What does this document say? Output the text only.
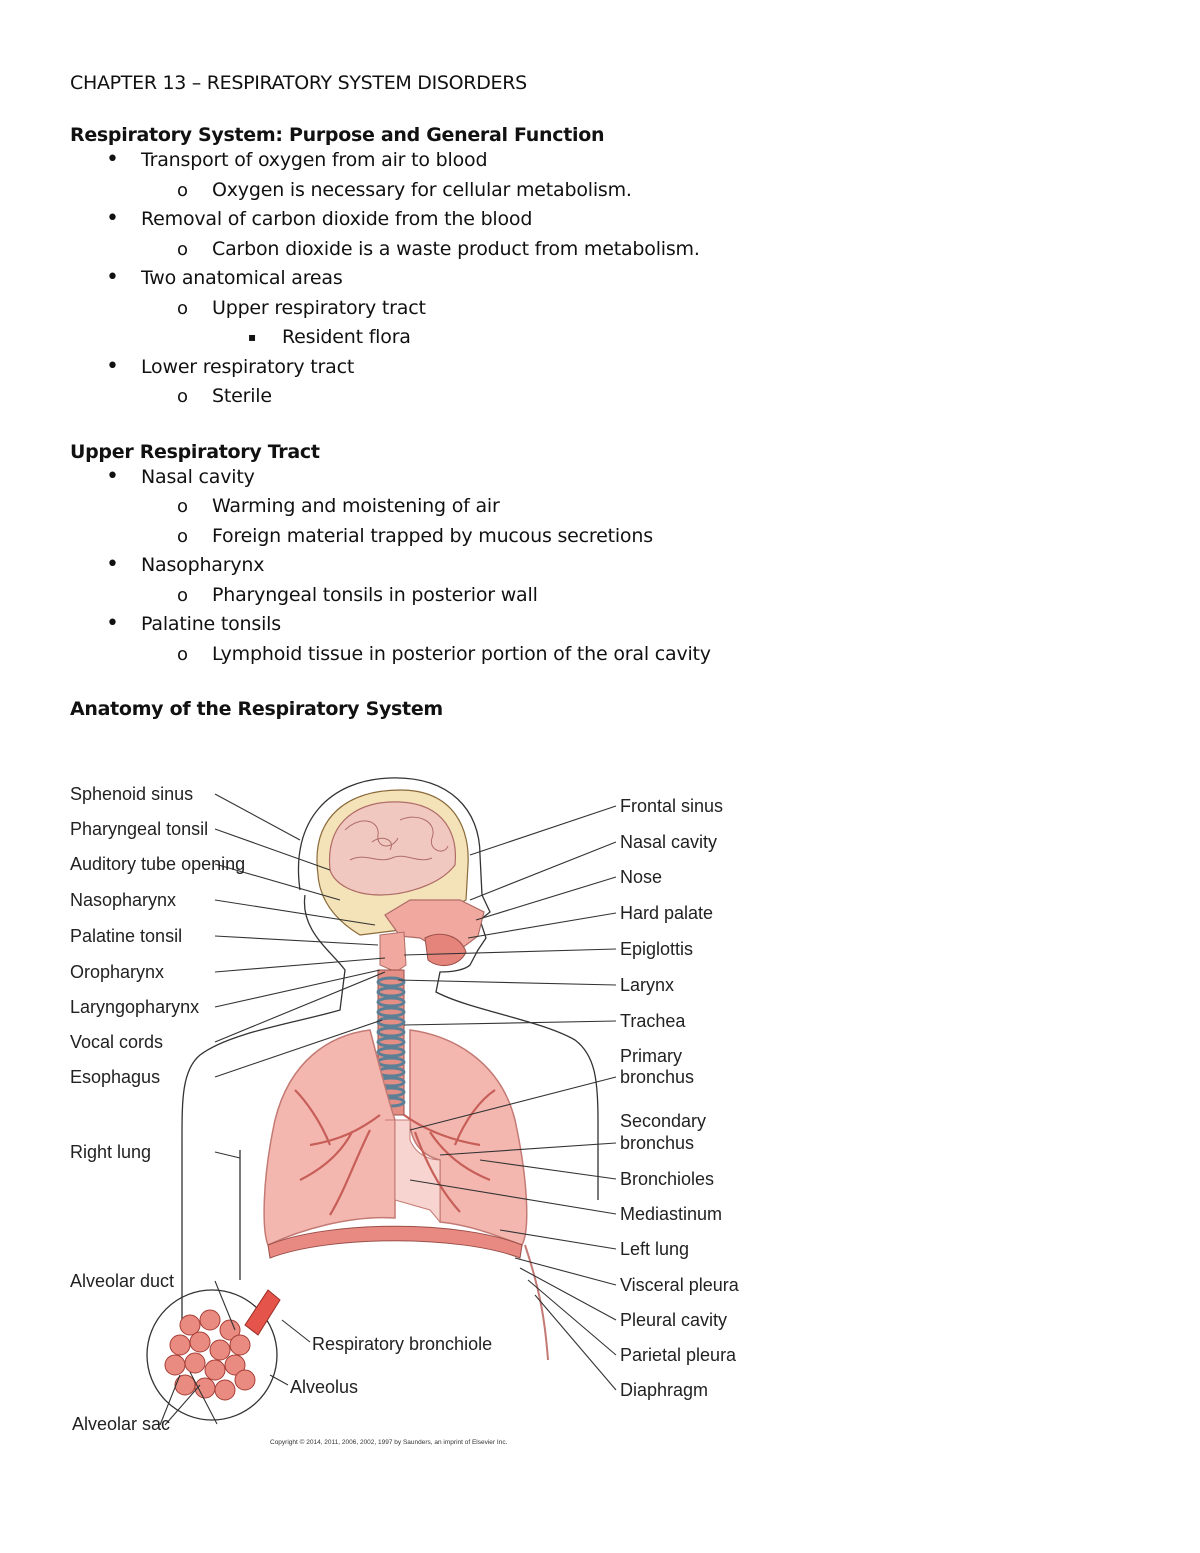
CHAPTER 13 – RESPIRATORY SYSTEM DISORDERS
Respiratory System: Purpose and General Function
• Transport of oxygen from air to blood
o Oxygen is necessary for cellular metabolism.
• Removal of carbon dioxide from the blood
o Carbon dioxide is a waste product from metabolism.
• Two anatomical areas
o Upper respiratory tract
▪ Resident flora
• Lower respiratory tract
o Sterile
Upper Respiratory Tract
• Nasal cavity
o Warming and moistening of air
o Foreign material trapped by mucous secretions
• Nasopharynx
o Pharyngeal tonsils in posterior wall
• Palatine tonsils
o Lymphoid tissue in posterior portion of the oral cavity
Anatomy of the Respiratory System
Sphenoid sinus
Pharyngeal tonsil
Auditory tube opening
Nasopharynx
Palatine tonsil
Oropharynx
Laryngopharynx
Vocal cords
Esophagus
Right lung
Alveolar duct
Alveolar sac
Frontal sinus
Nasal cavity
Nose
Hard palate
Epiglottis
Larynx
Trachea
Primary
bronchus
Secondary
bronchus
Bronchioles
Mediastinum
Left lung
Visceral pleura
Pleural cavity
Parietal pleura
Diaphragm
Respiratory bronchiole
Alveolus
Copyright © 2014, 2011, 2006, 2002, 1997 by Saunders, an imprint of Elsevier Inc.
